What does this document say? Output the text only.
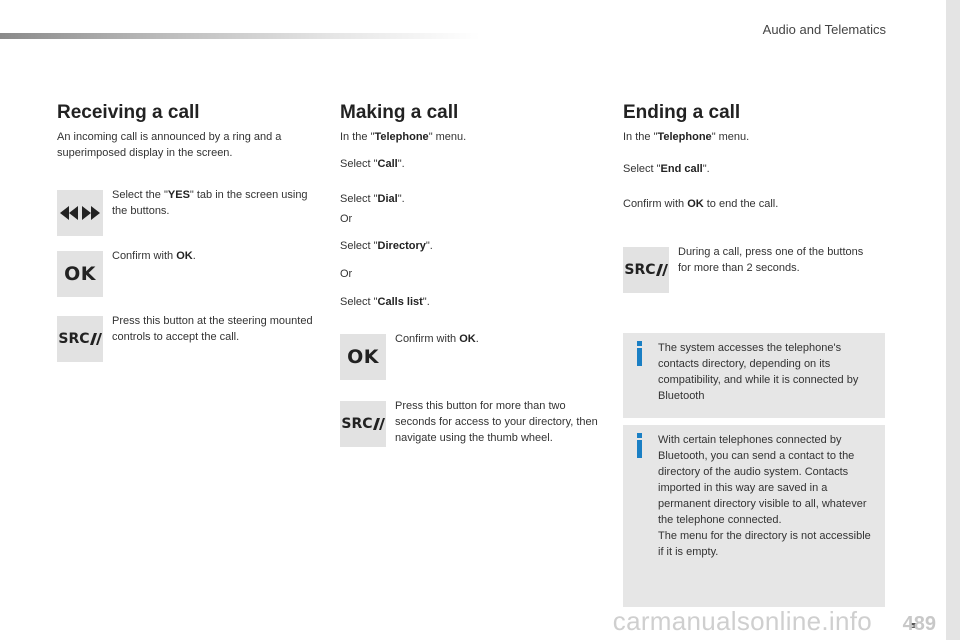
Audio and Telematics
Receiving a call
An incoming call is announced by a ring and a superimposed display in the screen.
Select the "YES" tab in the screen using the buttons.
OK
Confirm with OK.
SRC
Press this button at the steering mounted controls to accept the call.
Making a call
In the "Telephone" menu.
Select "Call".
Select "Dial".
Or
Select "Directory".
Or
Select "Calls list".
OK
Confirm with OK.
SRC
Press this button for more than two seconds for access to your directory, then navigate using the thumb wheel.
Ending a call
In the "Telephone" menu.
Select "End call".
Confirm with OK to end the call.
SRC
During a call, press one of the buttons for more than 2 seconds.
The system accesses the telephone's contacts directory, depending on its compatibility, and while it is connected by Bluetooth
With certain telephones connected by Bluetooth, you can send a contact to the directory of the audio system. Contacts imported in this way are saved in a permanent directory visible to all, whatever the telephone connected.
The menu for the directory is not accessible if it is empty.
carmanualsonline.info 489
